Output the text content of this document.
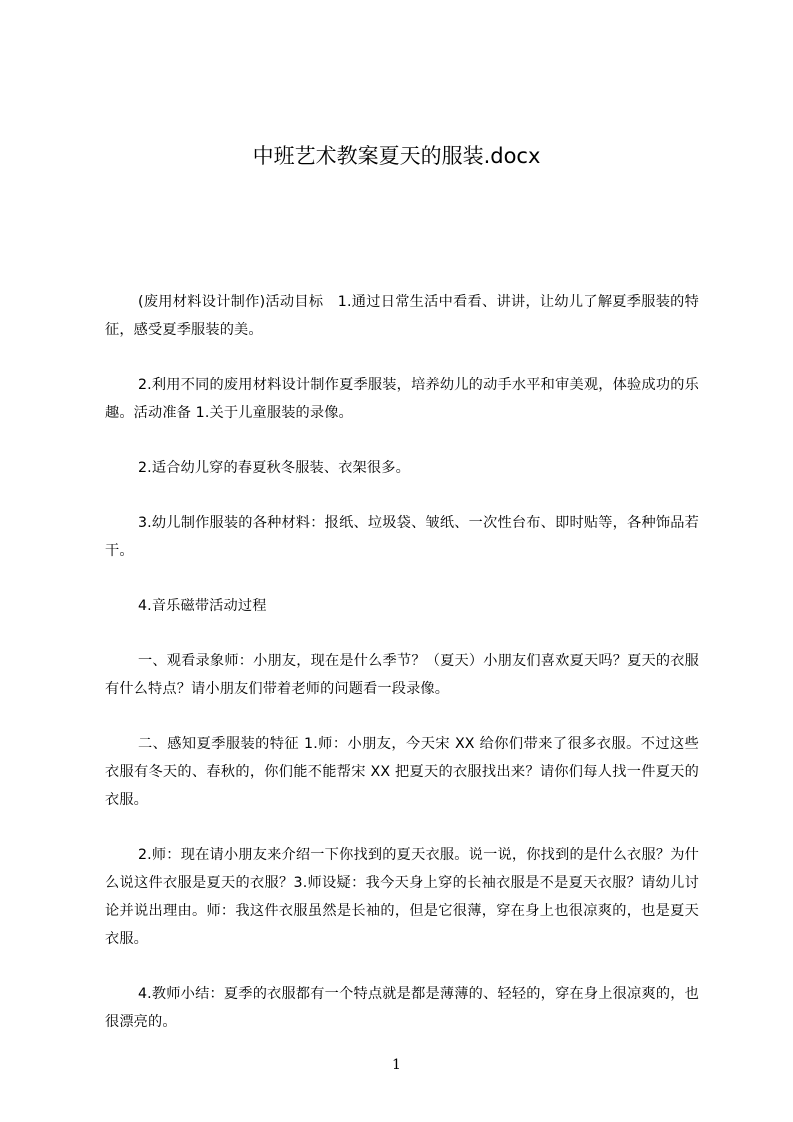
中班艺术教案夏天的服装.docx

(废用材料设计制作)活动目标　1.通过日常生活中看看、讲讲，让幼儿了解夏季服装的特征，感受夏季服装的美。

2.利用不同的废用材料设计制作夏季服装，培养幼儿的动手水平和审美观，体验成功的乐趣。活动准备 1.关于儿童服装的录像。

2.适合幼儿穿的春夏秋冬服装、衣架很多。

3.幼儿制作服装的各种材料：报纸、垃圾袋、皱纸、一次性台布、即时贴等，各种饰品若干。

4.音乐磁带活动过程

一、观看录象师：小朋友，现在是什么季节？（夏天）小朋友们喜欢夏天吗？夏天的衣服有什么特点？请小朋友们带着老师的问题看一段录像。

二、感知夏季服装的特征 1.师：小朋友，今天宋 XX 给你们带来了很多衣服。不过这些衣服有冬天的、春秋的，你们能不能帮宋 XX 把夏天的衣服找出来？请你们每人找一件夏天的衣服。

2.师：现在请小朋友来介绍一下你找到的夏天衣服。说一说，你找到的是什么衣服？为什么说这件衣服是夏天的衣服？3.师设疑：我今天身上穿的长袖衣服是不是夏天衣服？请幼儿讨论并说出理由。师：我这件衣服虽然是长袖的，但是它很薄，穿在身上也很凉爽的，也是夏天衣服。

4.教师小结：夏季的衣服都有一个特点就是都是薄薄的、轻轻的，穿在身上很凉爽的，也很漂亮的。

1
